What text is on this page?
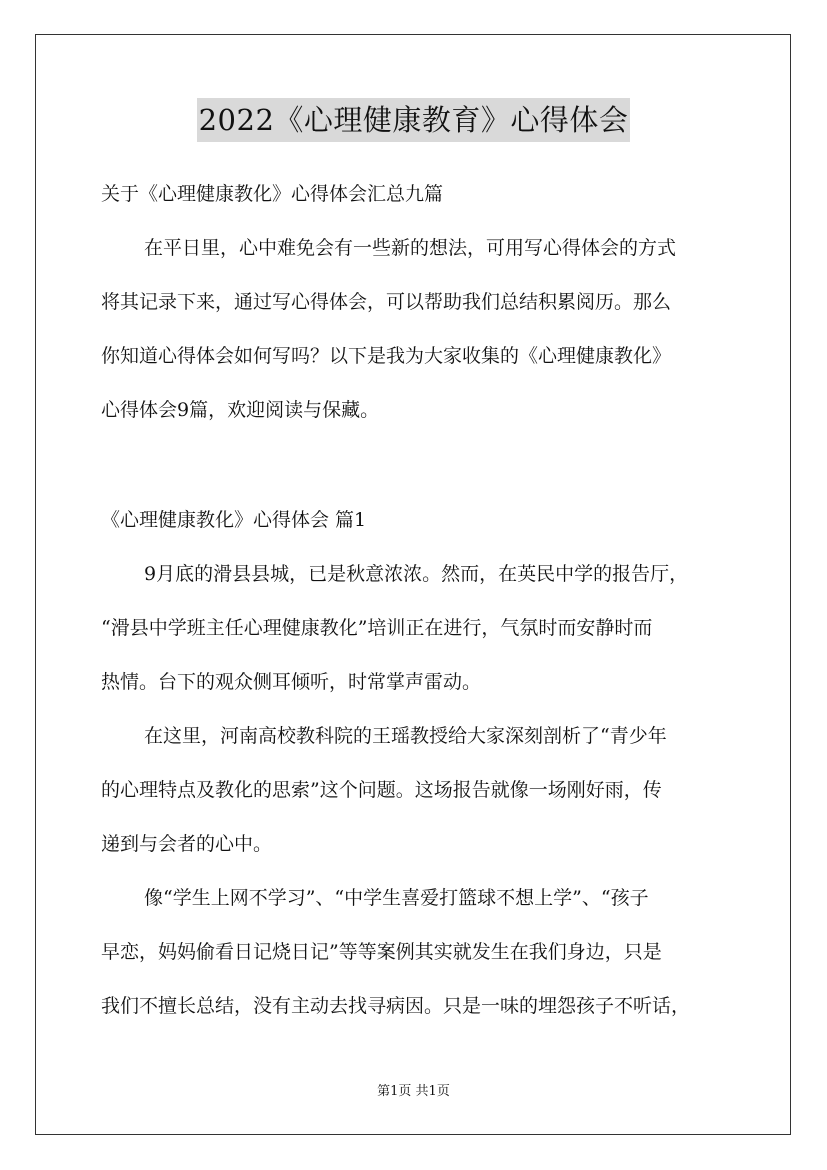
2022《心理健康教育》心得体会
关于《心理健康教化》心得体会汇总九篇
在平日里，心中难免会有一些新的想法，可用写心得体会的方式
将其记录下来，通过写心得体会，可以帮助我们总结积累阅历。那么
你知道心得体会如何写吗？以下是我为大家收集的《心理健康教化》
心得体会9篇，欢迎阅读与保藏。
《心理健康教化》心得体会 篇1
9月底的滑县县城，已是秋意浓浓。然而，在英民中学的报告厅，
“滑县中学班主任心理健康教化”培训正在进行，气氛时而安静时而
热情。台下的观众侧耳倾听，时常掌声雷动。
在这里，河南高校教科院的王瑶教授给大家深刻剖析了“青少年
的心理特点及教化的思索”这个问题。这场报告就像一场刚好雨，传
递到与会者的心中。
像“学生上网不学习”、“中学生喜爱打篮球不想上学”、“孩子
早恋，妈妈偷看日记烧日记”等等案例其实就发生在我们身边，只是
我们不擅长总结，没有主动去找寻病因。只是一味的埋怨孩子不听话，
第1页 共1页
